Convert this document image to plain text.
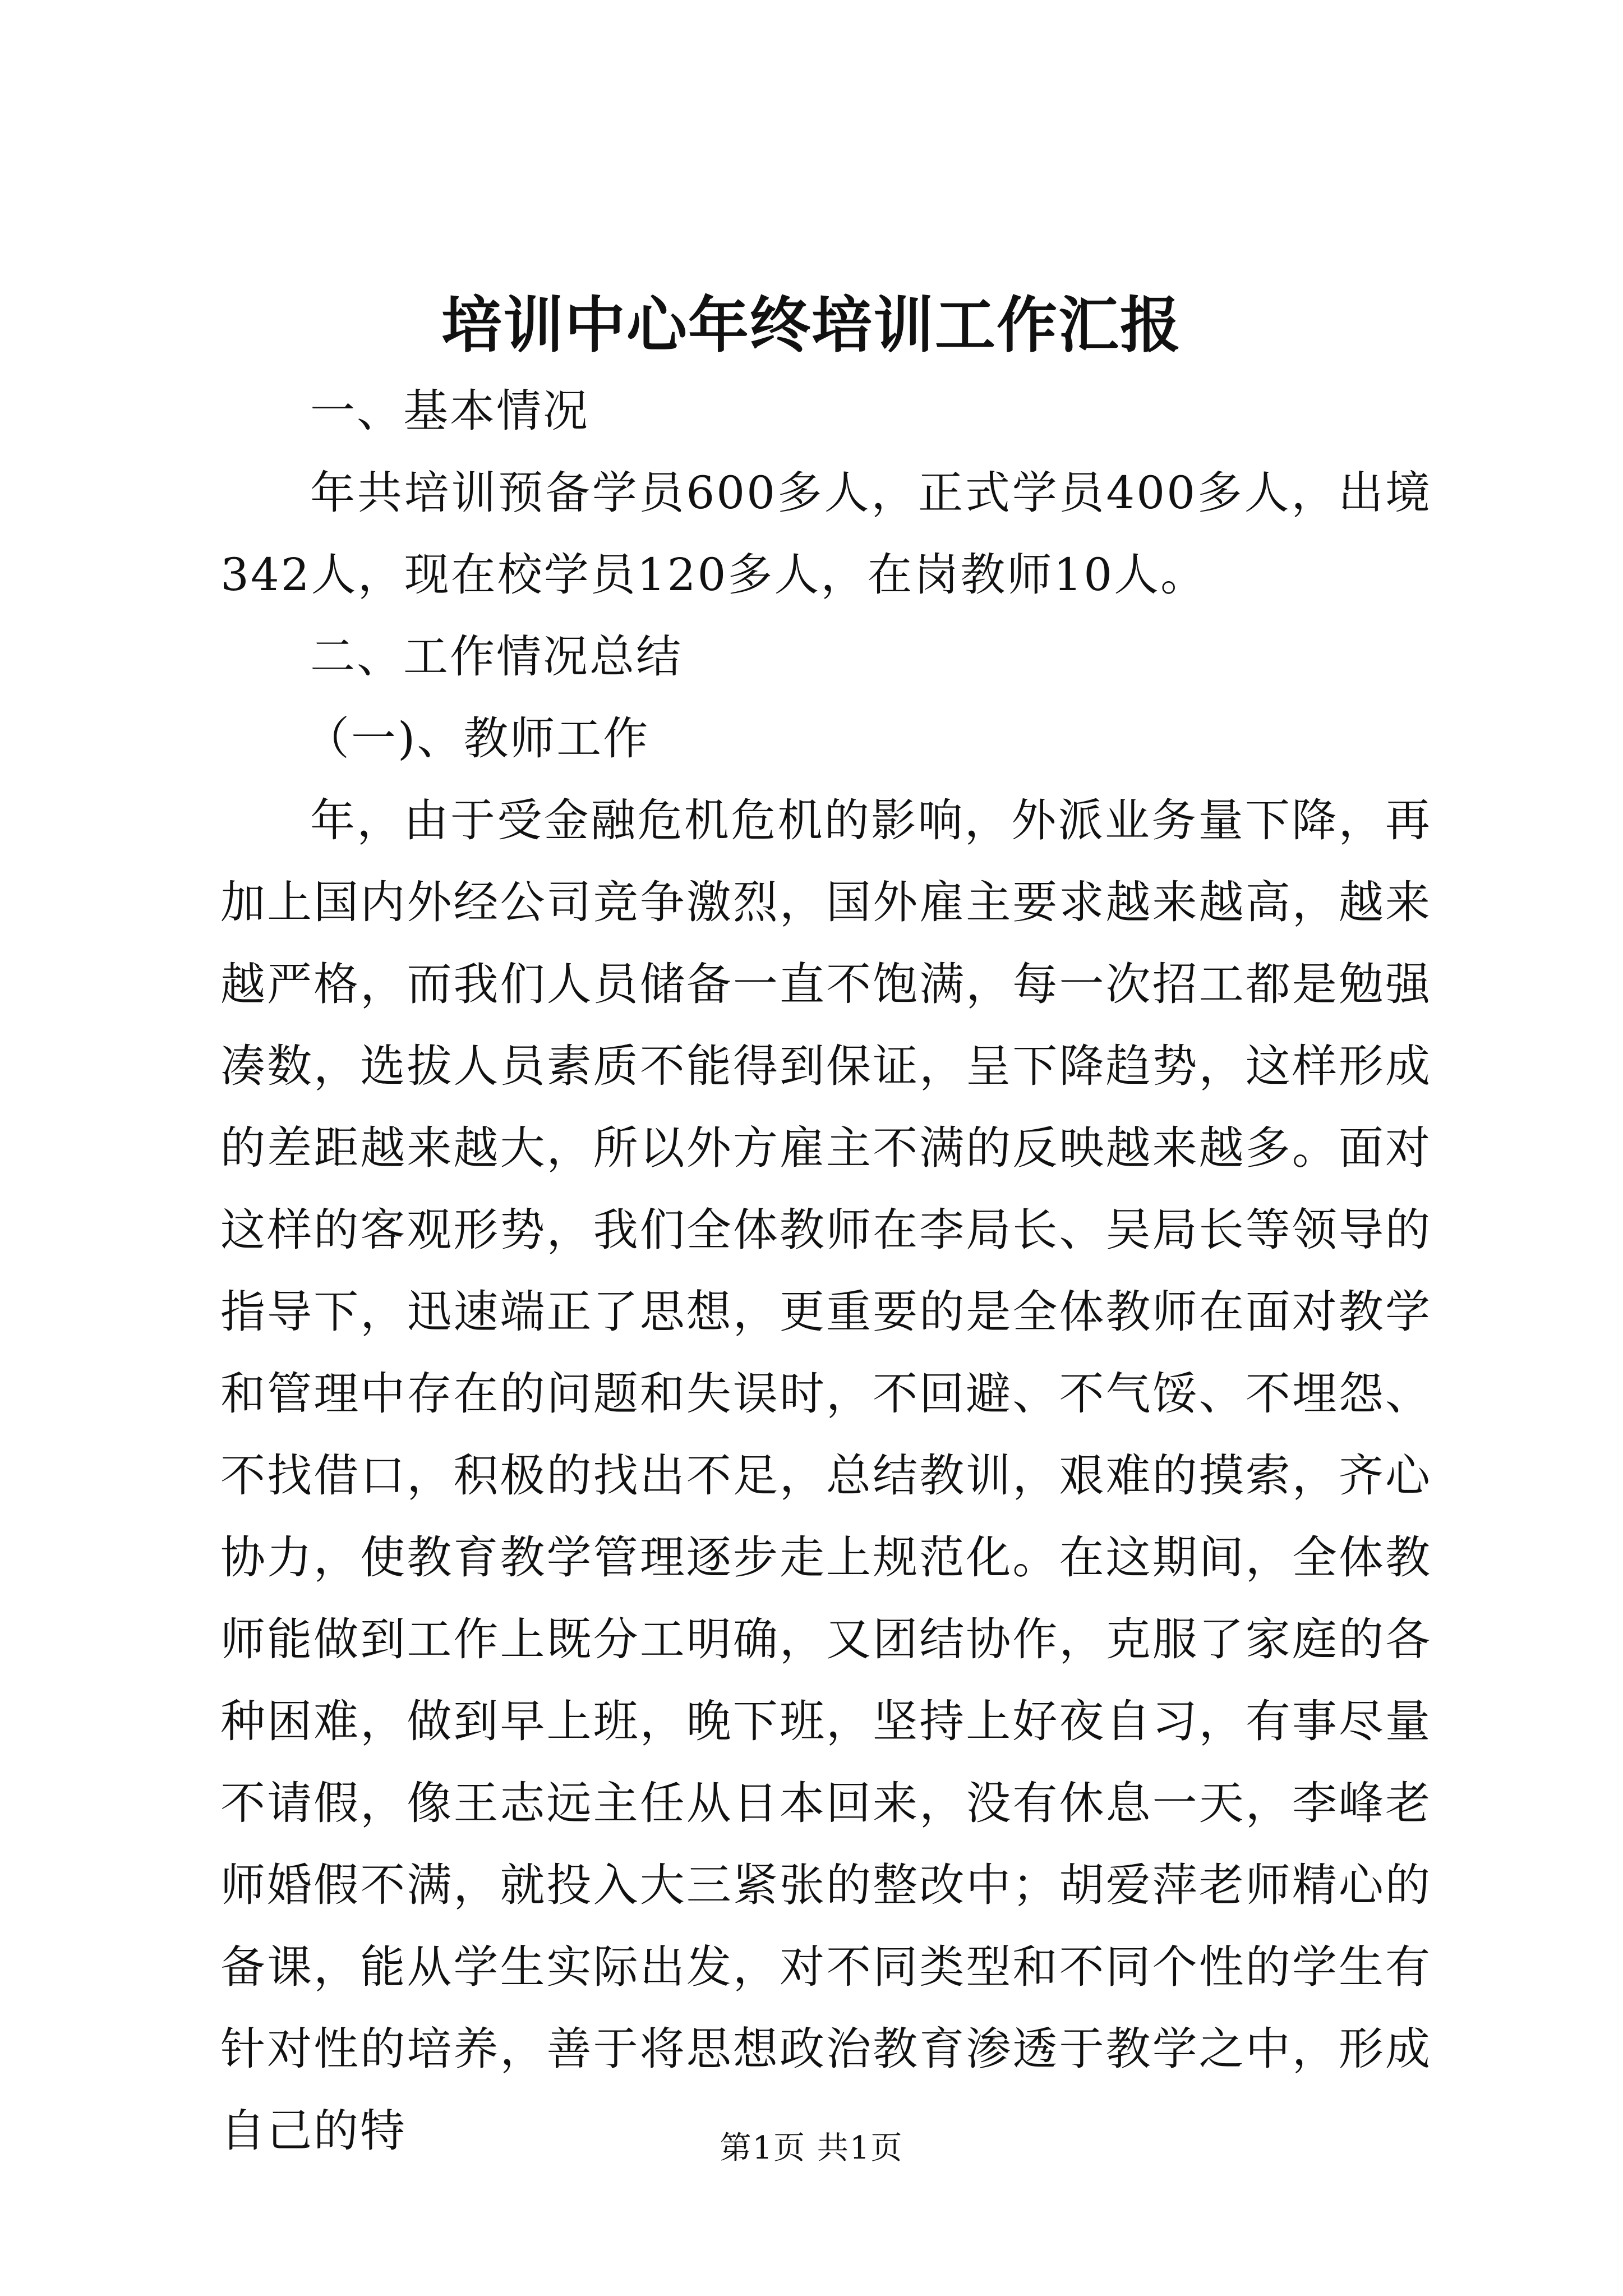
培训中心年终培训工作汇报

一、基本情况

年共培训预备学员600多人，正式学员400多人，出境342人，现在校学员120多人，在岗教师10人。

二、工作情况总结

（一)、教师工作

年，由于受金融危机危机的影响，外派业务量下降，再加上国内外经公司竞争激烈，国外雇主要求越来越高，越来越严格，而我们人员储备一直不饱满，每一次招工都是勉强凑数，选拔人员素质不能得到保证，呈下降趋势，这样形成的差距越来越大，所以外方雇主不满的反映越来越多。面对这样的客观形势，我们全体教师在李局长、吴局长等领导的指导下，迅速端正了思想，更重要的是全体教师在面对教学和管理中存在的问题和失误时，不回避、不气馁、不埋怨、不找借口，积极的找出不足，总结教训，艰难的摸索，齐心协力，使教育教学管理逐步走上规范化。在这期间，全体教师能做到工作上既分工明确，又团结协作，克服了家庭的各种困难，做到早上班，晚下班，坚持上好夜自习，有事尽量不请假，像王志远主任从日本回来，没有休息一天，李峰老师婚假不满，就投入大三紧张的整改中；胡爱萍老师精心的备课，能从学生实际出发，对不同类型和不同个性的学生有针对性的培养，善于将思想政治教育渗透于教学之中，形成自己的特	第1页 共1页
